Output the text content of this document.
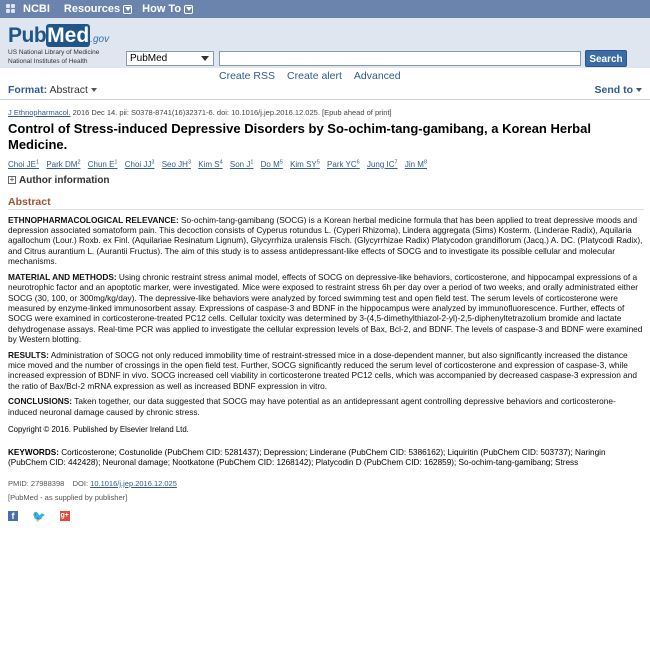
NCBI Resources How To
PubMed.gov
US National Library of Medicine
National Institutes of Health	PubMed	Search
Create RSS Create alert Advanced
Format: Abstract	Send to
J Ethnopharmacol. 2016 Dec 14. pii: S0378-8741(16)32371-6. doi: 10.1016/j.jep.2016.12.025. [Epub ahead of print]
Control of Stress-induced Depressive Disorders by So-ochim-tang-gamibang, a Korean Herbal Medicine.
Choi $JE^1$ Park $DM^2$ Chun $E^1$ Choi $JJ^3$ Seo $JH^3$ Kim $S^4$ Son $J^1$ Do $M^5$ Kim $SY^5$ Park $YC^6$ Jung $IC^7$ Jin $M^8$
+ Author information
Abstract

ETHNOPHARMACOLOGICAL RELEVANCE: So-ochim-tang-gamibang (SOCG) is a Korean herbal medicine formula that has been applied to treat depressive moods and depression associated somatoform pain. This decoction consists of Cyperus rotundus L. (Cyperi Rhizoma), Lindera aggregata (Sims) Kosterm. (Linderae Radix), Aquilaria agallochum (Lour.) Roxb. ex Finl. (Aquilariae Resinatum Lignum), Glycyrrhiza uralensis Fisch. (Glycyrrhizae Radix) Platycodon grandiflorum (Jacq.) A. DC. (Platycodi Radix), and Citrus aurantium L. (Aurantii Fructus). The aim of this study is to assess antidepressant-like effects of SOCG and to investigate its possible cellular and molecular mechanisms.

MATERIAL AND METHODS: Using chronic restraint stress animal model, effects of SOCG on depressive-like behaviors, corticosterone, and hippocampal expressions of a neurotrophic factor and an apoptotic marker, were investigated. Mice were exposed to restraint stress 6h per day over a period of two weeks, and orally administrated either SOCG (30, 100, or 300mg/kg/day). The depressive-like behaviors were analyzed by forced swimming test and open field test. The serum levels of corticosterone were measured by enzyme-linked immunosorbent assay. Expressions of caspase-3 and BDNF in the hippocampus were analyzed by immunofluorescence. Further, effects of SOCG were examined in corticosterone-treated PC12 cells. Cellular toxicity was determined by 3-(4,5-dimethylthiazol-2-yl)-2,5-diphenyltetrazolium bromide and lactate dehydrogenase assays. Real-time PCR was applied to investigate the cellular expression levels of Bax, Bcl-2, and BDNF. The levels of caspase-3 and BDNF were examined by Western blotting.

RESULTS: Administration of SOCG not only reduced immobility time of restraint-stressed mice in a dose-dependent manner, but also significantly increased the distance mice moved and the number of crossings in the open field test. Further, SOCG significantly reduced the serum level of corticosterone and expression of caspase-3, while increased expression of BDNF in vivo. SOCG increased cell viability in corticosterone treated PC12 cells, which was accompanied by decreased caspase-3 expression and the ratio of Bax/Bcl-2 mRNA expression as well as increased BDNF expression in vitro.

CONCLUSIONS: Taken together, our data suggested that SOCG may have potential as an antidepressant agent controlling depressive behaviors and corticosterone-induced neuronal damage caused by chronic stress.

Copyright © 2016. Published by Elsevier Ireland Ltd.

KEYWORDS: Corticosterone; Costunolide (PubChem CID: 5281437); Depression; Linderane (PubChem CID: 5386162); Liquiritin (PubChem CID: 503737); Naringin (PubChem CID: 442428); Neuronal damage; Nootkatone (PubChem CID: 1268142); Platycodin D (PubChem CID: 162859); So-ochim-tang-gamibang; Stress

PMID: 27988398 DOI: 10.1016/j.jep.2016.12.025
[PubMed - as supplied by publisher]
f	🐦 g+
